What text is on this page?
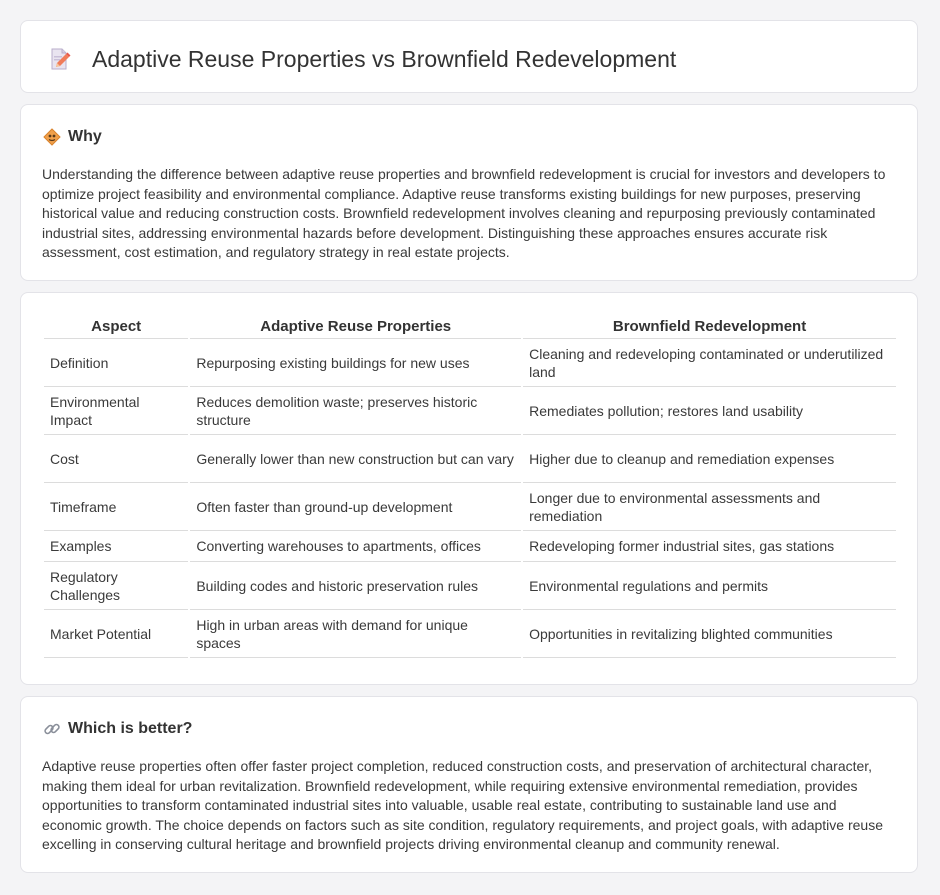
Adaptive Reuse Properties vs Brownfield Redevelopment
Why

Understanding the difference between adaptive reuse properties and brownfield redevelopment is crucial for investors and developers to optimize project feasibility and environmental compliance. Adaptive reuse transforms existing buildings for new purposes, preserving historical value and reducing construction costs. Brownfield redevelopment involves cleaning and repurposing previously contaminated industrial sites, addressing environmental hazards before development. Distinguishing these approaches ensures accurate risk assessment, cost estimation, and regulatory strategy in real estate projects.

Aspect	Adaptive Reuse Properties	Brownfield Redevelopment
Definition	Repurposing existing buildings for new uses	Cleaning and redeveloping contaminated or underutilized land
Environmental Impact	Reduces demolition waste; preserves historic structure	Remediates pollution; restores land usability
Cost	Generally lower than new construction but can vary	Higher due to cleanup and remediation expenses
Timeframe	Often faster than ground-up development	Longer due to environmental assessments and remediation
Examples	Converting warehouses to apartments, offices	Redeveloping former industrial sites, gas stations
Regulatory Challenges	Building codes and historic preservation rules	Environmental regulations and permits
Market Potential	High in urban areas with demand for unique spaces	Opportunities in revitalizing blighted communities
Which is better?

Adaptive reuse properties often offer faster project completion, reduced construction costs, and preservation of architectural character, making them ideal for urban revitalization. Brownfield redevelopment, while requiring extensive environmental remediation, provides opportunities to transform contaminated industrial sites into valuable, usable real estate, contributing to sustainable land use and economic growth. The choice depends on factors such as site condition, regulatory requirements, and project goals, with adaptive reuse excelling in conserving cultural heritage and brownfield projects driving environmental cleanup and community renewal.
